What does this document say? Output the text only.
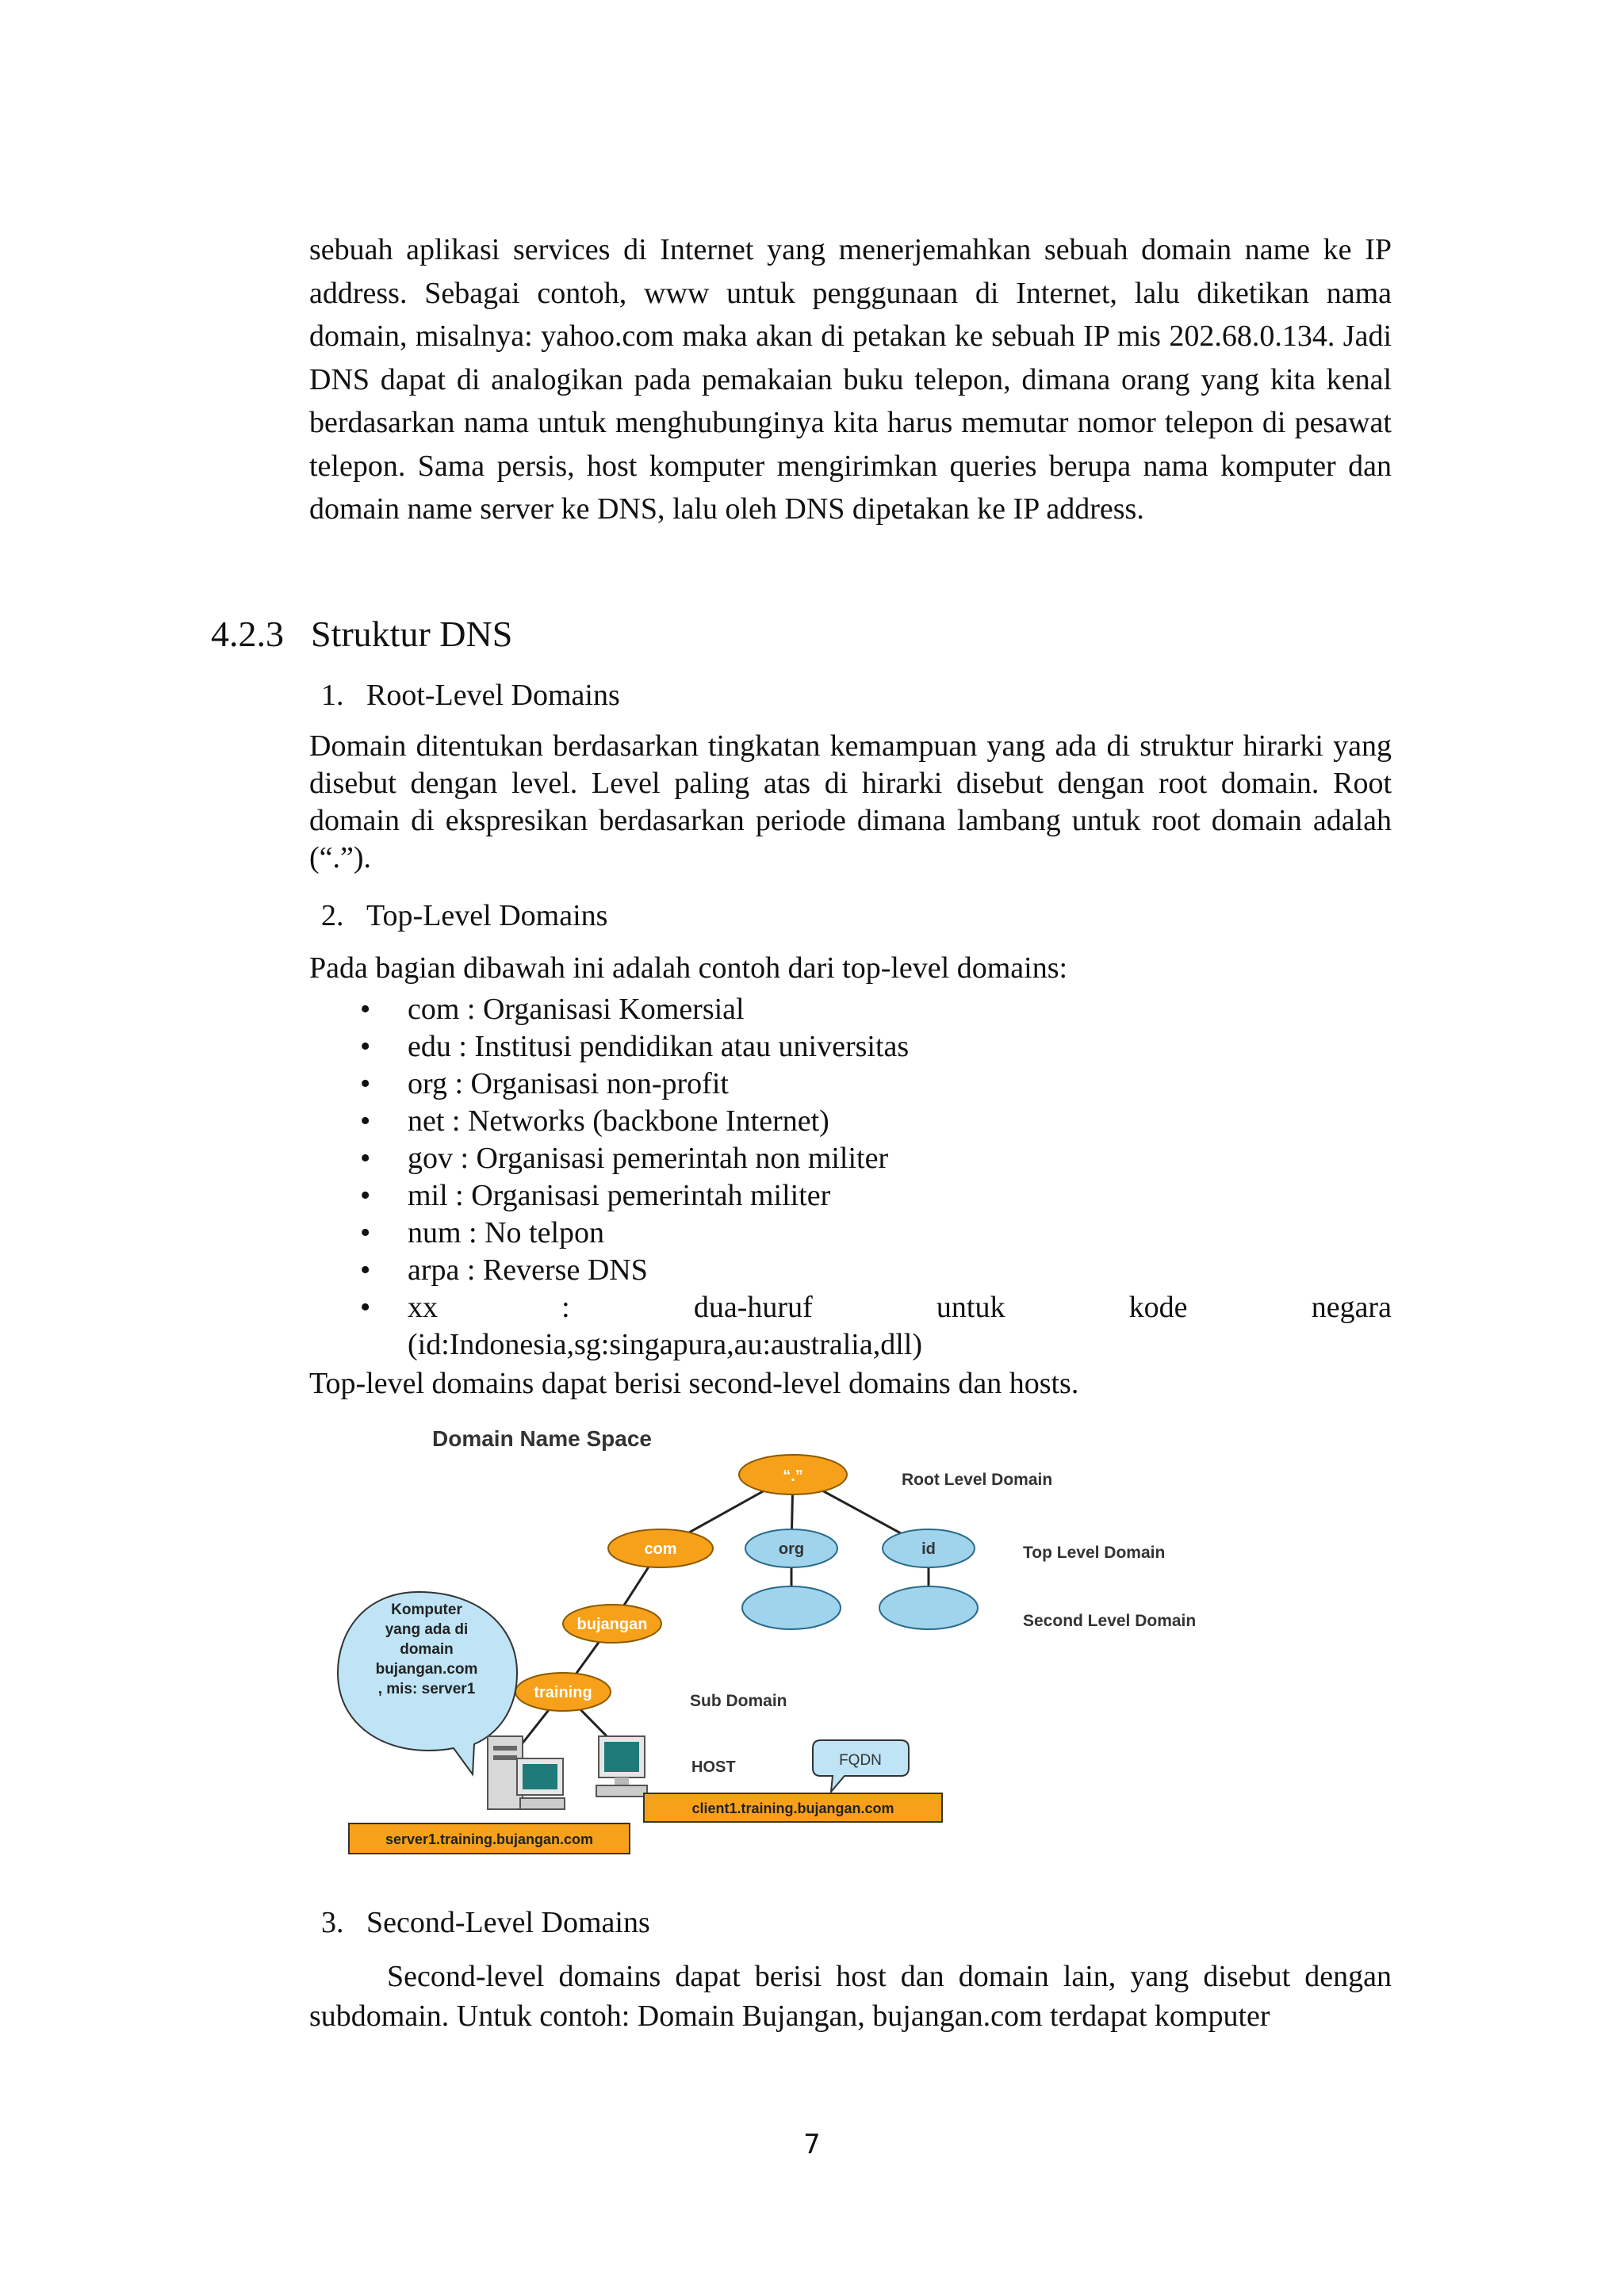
sebuah aplikasi services di Internet yang menerjemahkan sebuah domain name ke IP address. Sebagai contoh, www untuk penggunaan di Internet, lalu diketikan nama domain, misalnya: yahoo.com maka akan di petakan ke sebuah IP mis 202.68.0.134. Jadi DNS dapat di analogikan pada pemakaian buku telepon, dimana orang yang kita kenal berdasarkan nama untuk menghubunginya kita harus memutar nomor telepon di pesawat telepon. Sama persis, host komputer mengirimkan queries berupa nama komputer dan domain name server ke DNS, lalu oleh DNS dipetakan ke IP address.
4.2.3 Struktur DNS
1. Root-Level Domains
Domain ditentukan berdasarkan tingkatan kemampuan yang ada di struktur hirarki yang disebut dengan level. Level paling atas di hirarki disebut dengan root domain. Root domain di ekspresikan berdasarkan periode dimana lambang untuk root domain adalah (“.”).
2. Top-Level Domains
Pada bagian dibawah ini adalah contoh dari top-level domains:
• com : Organisasi Komersial
• edu : Institusi pendidikan atau universitas
• org : Organisasi non-profit
• net : Networks (backbone Internet)
• gov : Organisasi pemerintah non militer
• mil : Organisasi pemerintah militer
• num : No telpon
• arpa : Reverse DNS
• xx	:	dua-huruf	untuk	kode	negara
(id:Indonesia,sg:singapura,au:australia,dll)
Top-level domains dapat berisi second-level domains dan hosts.
Domain Name Space
“.”	Root Level Domain
com	org	id	Top Level Domain
bujangan	Second Level Domain
training	Sub Domain
Komputer
yang ada di
domain
bujangan.com
, mis: server1
HOST	FQDN
client1.training.bujangan.com
server1.training.bujangan.com
3. Second-Level Domains
Second-level domains dapat berisi host dan domain lain, yang disebut dengan subdomain. Untuk contoh: Domain Bujangan, bujangan.com terdapat komputer
7
